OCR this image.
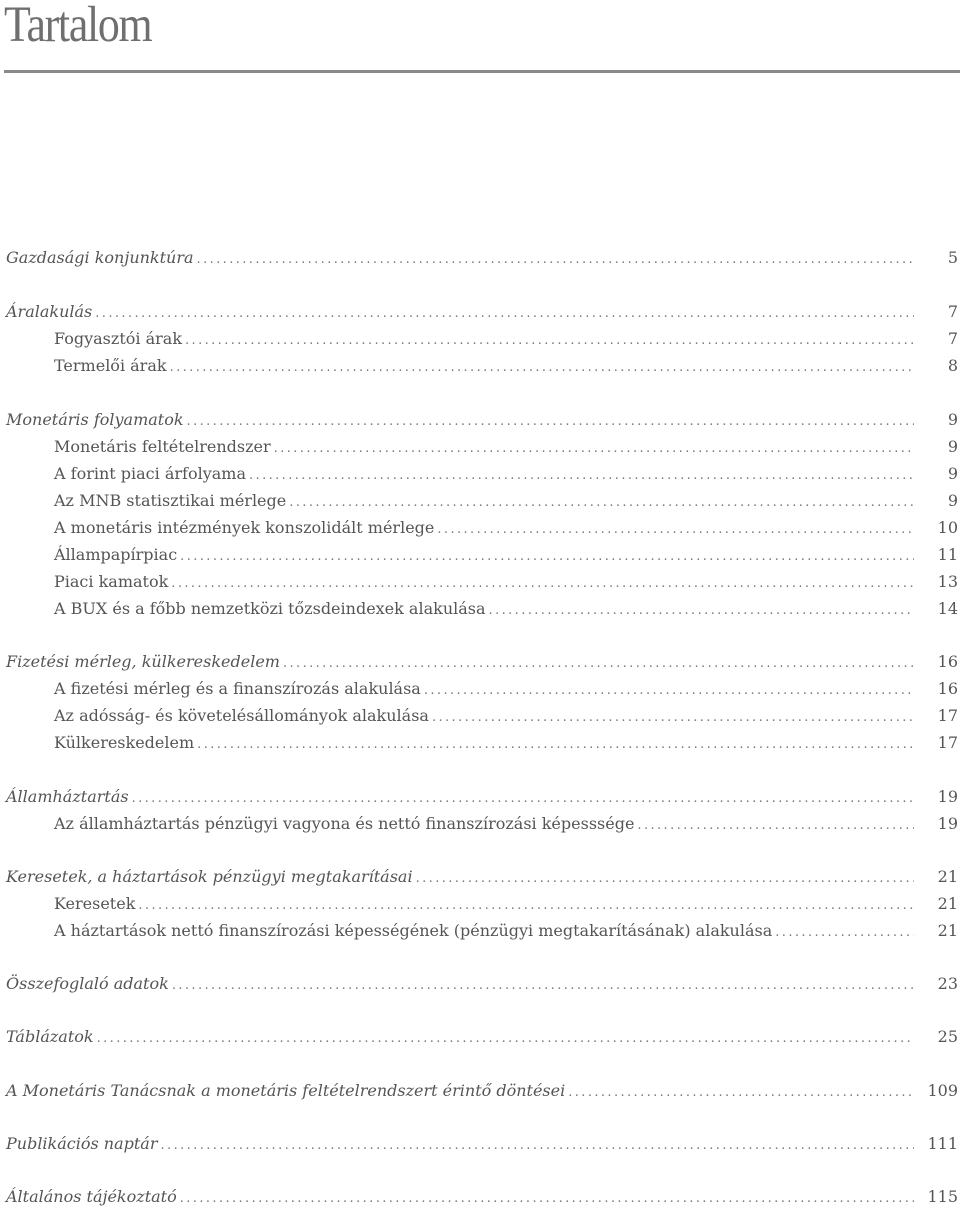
Tartalom
Gazdasági konjunktúra .....	5
Áralakulás .....	7
Fogyasztói árak .....	7
Termelői árak .....	8
Monetáris folyamatok .....	9
Monetáris feltételrendszer .....	9
A forint piaci árfolyama .....	9
Az MNB statisztikai mérlege .....	9
A monetáris intézmények konszolidált mérlege .....	10
Állampapírpiac .....	11
Piaci kamatok .....	13
A BUX és a főbb nemzetközi tőzsdeindexek alakulása .....	14
Fizetési mérleg, külkereskedelem .....	16
A fizetési mérleg és a finanszírozás alakulása .....	16
Az adósság- és követelésállományok alakulása .....	17
Külkereskedelem .....	17
Államháztartás .....	19
Az államháztartás pénzügyi vagyona és nettó finanszírozási képesssége .....	19
Keresetek, a háztartások pénzügyi megtakarításai .....	21
Keresetek .....	21
A háztartások nettó finanszírozási képességének (pénzügyi megtakarításának) alakulása .....	21
Összefoglaló adatok .....	23
Táblázatok .....	25
A Monetáris Tanácsnak a monetáris feltételrendszert érintő döntései .....	109
Publikációs naptár .....	111
Általános tájékoztató .....	115
